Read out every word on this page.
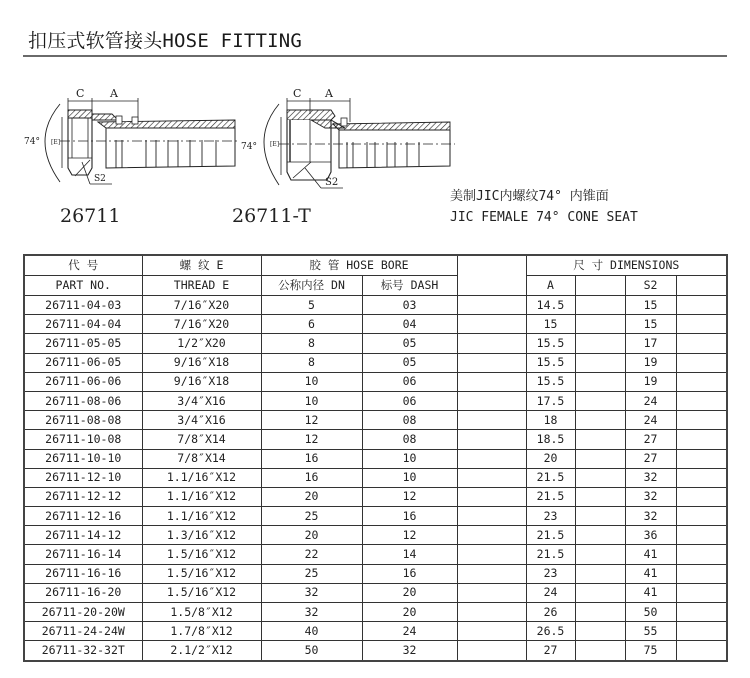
扣压式软管接头HOSE FITTING
C A
74° [E]
S2
26711
C A
74° [E]
S2
26711-T
美制JIC内螺纹74° 内锥面
JIC FEMALE 74° CONE SEAT
代 号	螺 纹 E	胶 管 HOSE BORE			尺 寸 DIMENSIONS			
PART NO.	THREAD E	公称内径 DN	标号 DASH		A		S2	
26711-04-03	7/16″X20	5	03		14.5		15	
26711-04-04	7/16″X20	6	04		15		15	
26711-05-05	1/2″X20	8	05		15.5		17	
26711-06-05	9/16″X18	8	05		15.5		19	
26711-06-06	9/16″X18	10	06		15.5		19	
26711-08-06	3/4″X16	10	06		17.5		24	
26711-08-08	3/4″X16	12	08		18		24	
26711-10-08	7/8″X14	12	08		18.5		27	
26711-10-10	7/8″X14	16	10		20		27	
26711-12-10	1.1/16″X12	16	10		21.5		32	
26711-12-12	1.1/16″X12	20	12		21.5		32	
26711-12-16	1.1/16″X12	25	16		23		32	
26711-14-12	1.3/16″X12	20	12		21.5		36	
26711-16-14	1.5/16″X12	22	14		21.5		41	
26711-16-16	1.5/16″X12	25	16		23		41	
26711-16-20	1.5/16″X12	32	20		24		41	
26711-20-20W	1.5/8″X12	32	20		26		50	
26711-24-24W	1.7/8″X12	40	24		26.5		55	
26711-32-32T	2.1/2″X12	50	32		27		75	
